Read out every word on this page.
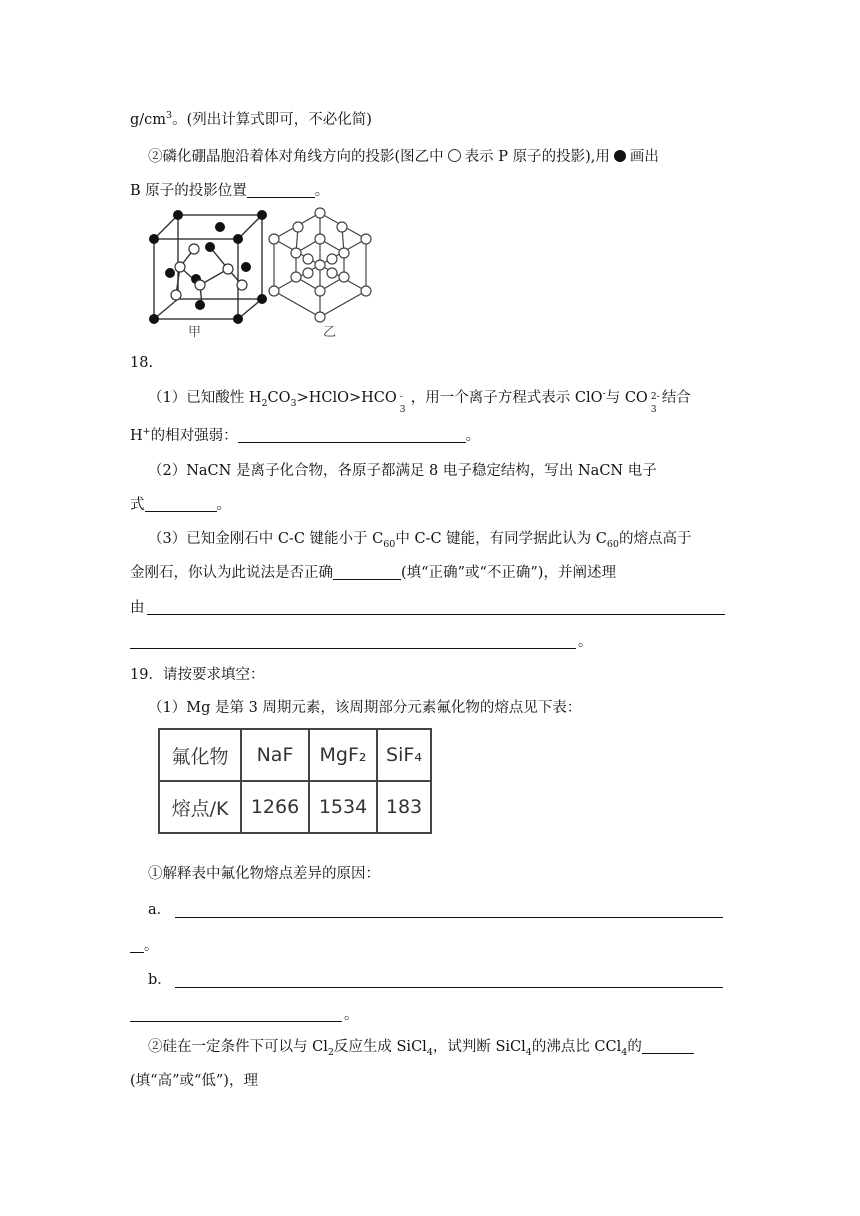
$g/cm^3$。(列出计算式即可，不必化简)
②磷化硼晶胞沿着体对角线方向的投影(图乙中 表示 P 原子的投影),用 画出
B 原子的投影位置	。
甲	乙
18.
（1）已知酸性 $H_2CO_3>HClO>HCO$ -
3
，用一个离子方程式表示 ClO-与 CO 2-
3
结合
H+的相对强弱：	。
（2）NaCN 是离子化合物，各原子都满足 8 电子稳定结构，写出 NaCN 电子
式	。
（3）已知金刚石中 C-C 键能小于 $C_{60}$中 C-C 键能，有同学据此认为 $C_{60}$的熔点高于
金刚石，你认为此说法是否正确	(填“正确”或“不正确”)，并阐述理
由
。
19．请按要求填空：
（1）Mg 是第 3 周期元素，该周期部分元素氟化物的熔点见下表：
氟化物	NaF	MgF₂	SiF₄
熔点/K	1266	1534	183
①解释表中氟化物熔点差异的原因：
a．
。
b．
。
②硅在一定条件下可以与 $Cl_2$反应生成 SiCl$_4$，试判断 SiCl$_4$的沸点比 CCl$_4$的
(填“高”或“低”)，理
